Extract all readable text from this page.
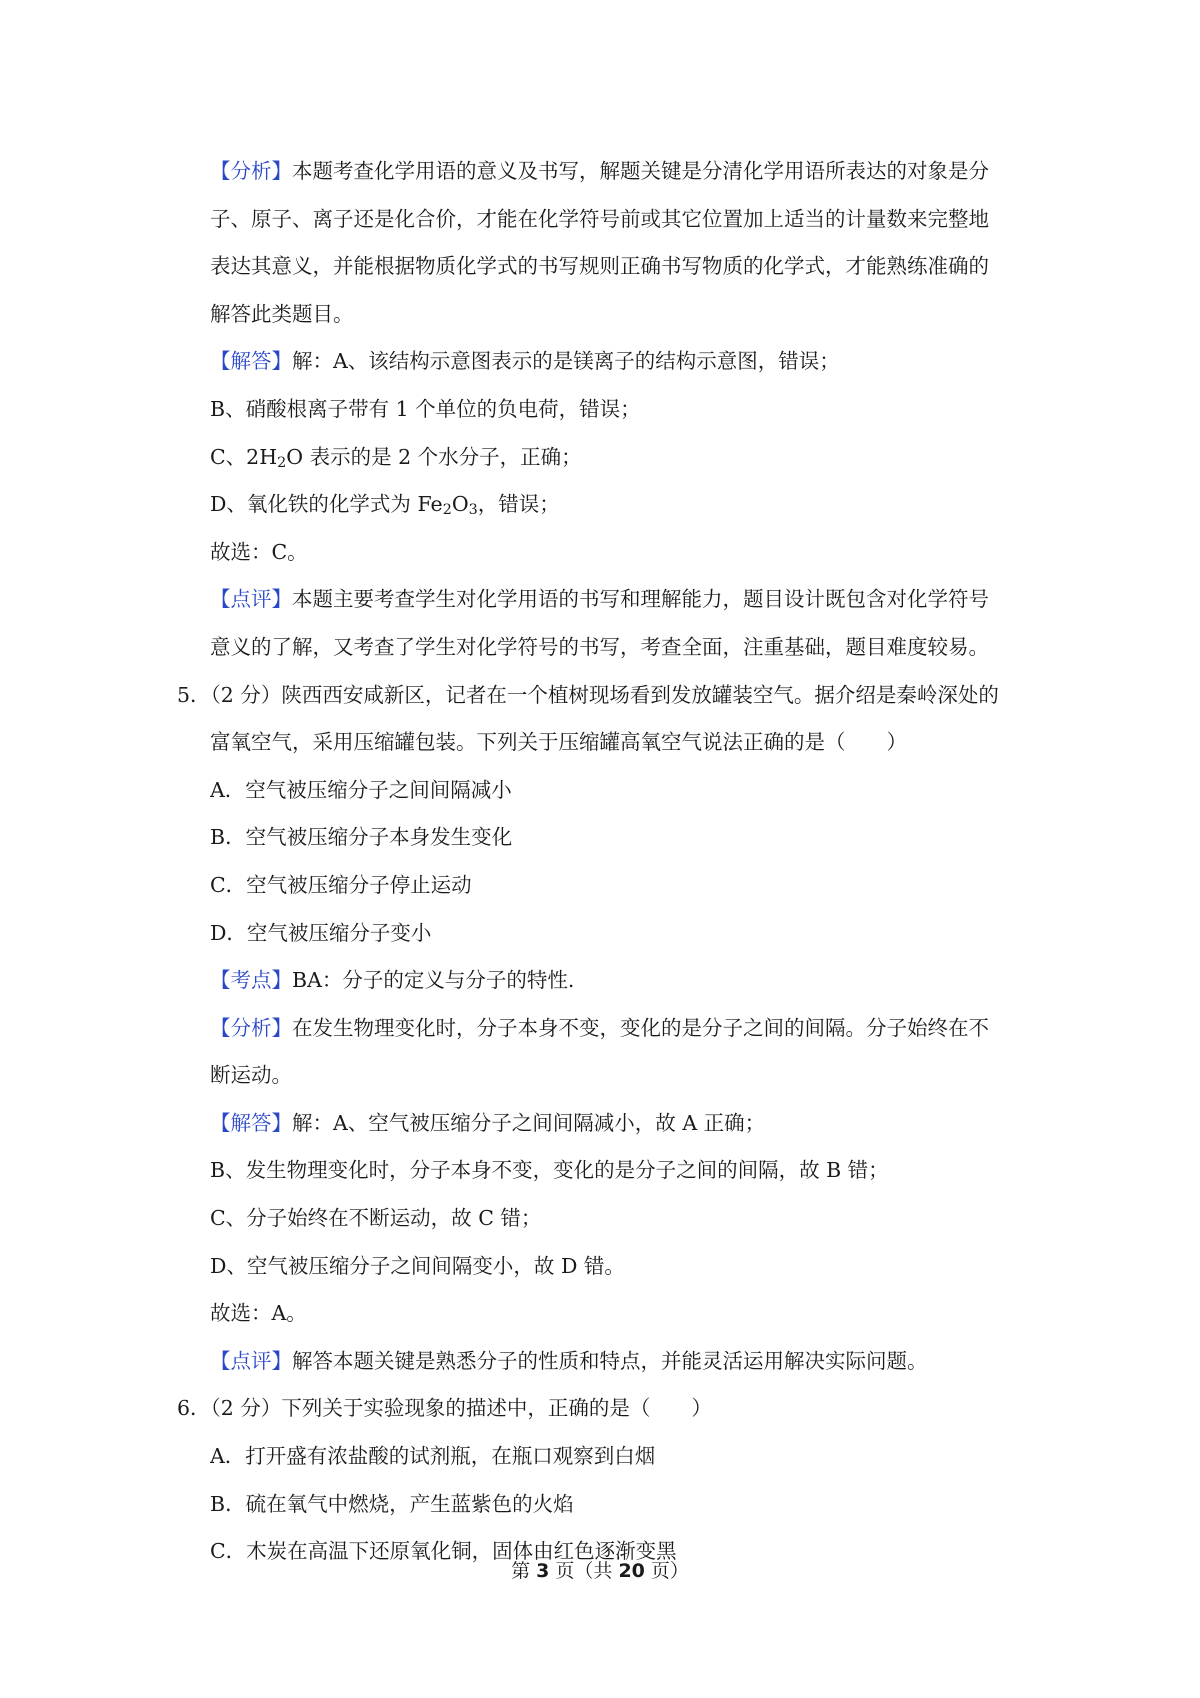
【分析】本题考查化学用语的意义及书写，解题关键是分清化学用语所表达的对象是分
子、原子、离子还是化合价，才能在化学符号前或其它位置加上适当的计量数来完整地
表达其意义，并能根据物质化学式的书写规则正确书写物质的化学式，才能熟练准确的
解答此类题目。
【解答】解：A、该结构示意图表示的是镁离子的结构示意图，错误；
B、硝酸根离子带有 1 个单位的负电荷，错误；
C、$2H_2O$ 表示的是 2 个水分子，正确；
D、氧化铁的化学式为 $Fe_2O_3$，错误；
故选：C。
【点评】本题主要考查学生对化学用语的书写和理解能力，题目设计既包含对化学符号
意义的了解，又考查了学生对化学符号的书写，考查全面，注重基础，题目难度较易。
5．（2 分）陕西西安咸新区，记者在一个植树现场看到发放罐装空气。据介绍是秦岭深处的
富氧空气，采用压缩罐包装。下列关于压缩罐高氧空气说法正确的是（　　）
A．空气被压缩分子之间间隔减小
B．空气被压缩分子本身发生变化
C．空气被压缩分子停止运动
D．空气被压缩分子变小
【考点】BA：分子的定义与分子的特性.
【分析】在发生物理变化时，分子本身不变，变化的是分子之间的间隔。分子始终在不
断运动。
【解答】解：A、空气被压缩分子之间间隔减小，故 A 正确；
B、发生物理变化时，分子本身不变，变化的是分子之间的间隔，故 B 错；
C、分子始终在不断运动，故 C 错；
D、空气被压缩分子之间间隔变小，故 D 错。
故选：A。
【点评】解答本题关键是熟悉分子的性质和特点，并能灵活运用解决实际问题。
6．（2 分）下列关于实验现象的描述中，正确的是（　　）
A．打开盛有浓盐酸的试剂瓶，在瓶口观察到白烟
B．硫在氧气中燃烧，产生蓝紫色的火焰
C．木炭在高温下还原氧化铜，固体由红色逐渐变黑
第 3 页（共 20 页）
